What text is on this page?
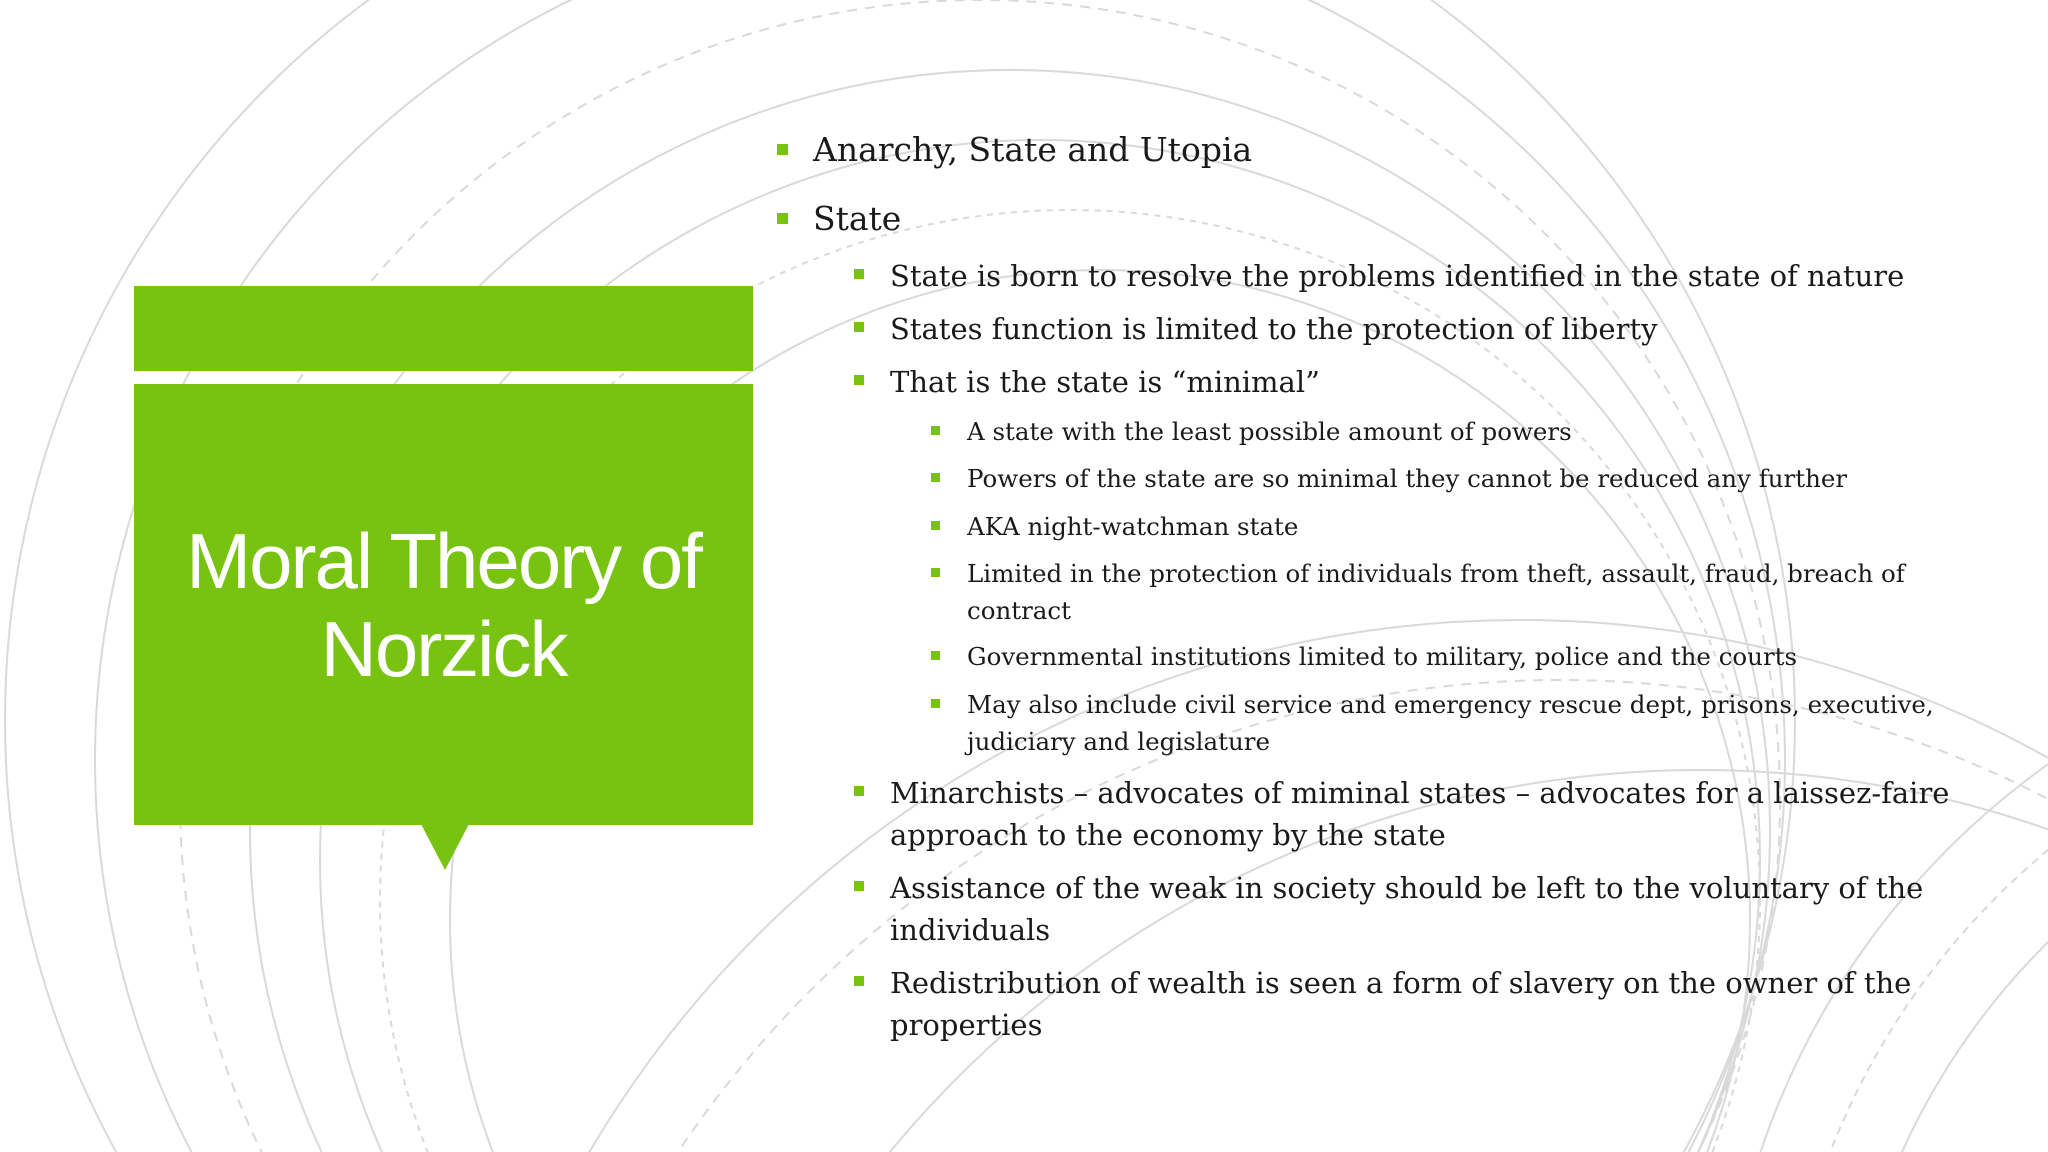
Moral Theory of Norzick
Anarchy, State and Utopia
State
State is born to resolve the problems identified in the state of nature
States function is limited to the protection of liberty
That is the state is “minimal”
A state with the least possible amount of powers
Powers of the state are so minimal they cannot be reduced any further
AKA night-watchman state
Limited in the protection of individuals from theft, assault, fraud, breach of contract
Governmental institutions limited to military, police and the courts
May also include civil service and emergency rescue dept, prisons, executive, judiciary and legislature
Minarchists – advocates of miminal states – advocates for a laissez-faire approach to the economy by the state
Assistance of the weak in society should be left to the voluntary of the individuals
Redistribution of wealth is seen a form of slavery on the owner of the properties
